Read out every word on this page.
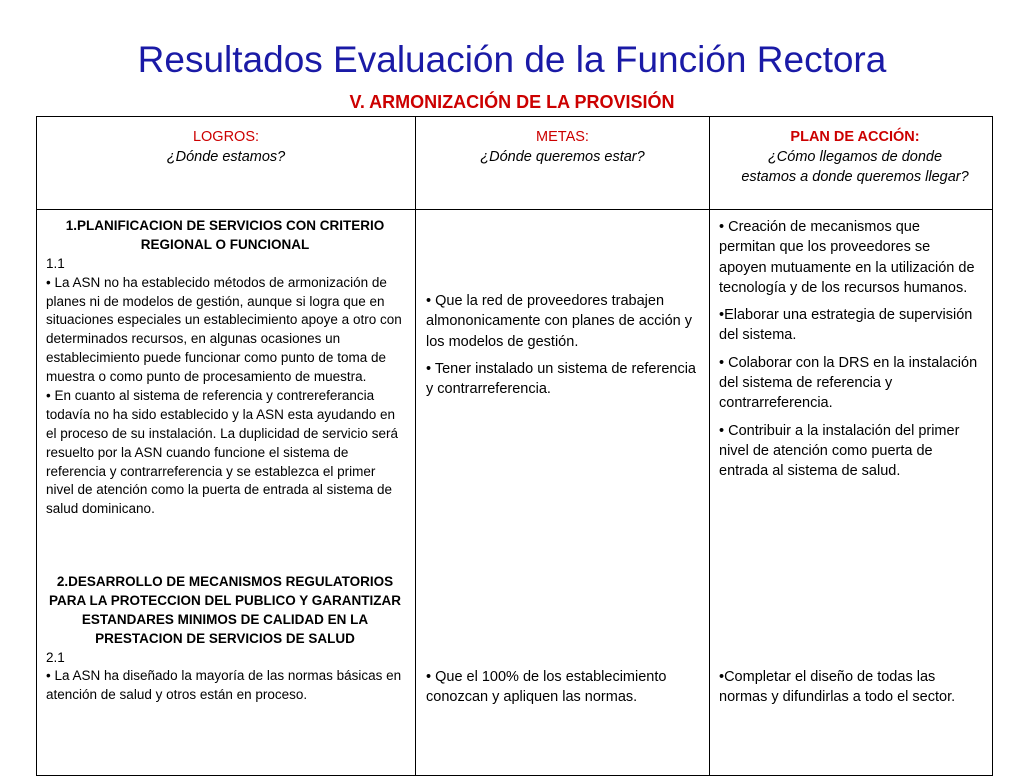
Resultados Evaluación de la Función Rectora
V. ARMONIZACIÓN DE LA PROVISIÓN
LOGROS:
¿Dónde estamos?
METAS:
¿Dónde queremos estar?
PLAN DE ACCIÓN:
¿Cómo llegamos de donde estamos a donde queremos llegar?

1.PLANIFICACION DE SERVICIOS CON CRITERIO REGIONAL O FUNCIONAL

1.1

• La ASN no ha establecido métodos de armonización de planes ni de modelos de gestión, aunque si logra que en situaciones especiales un establecimiento apoye a otro con determinados recursos, en algunas ocasiones un establecimiento puede funcionar como punto de toma de muestra o como punto de procesamiento de muestra.

• En cuanto al sistema de referencia y contrereferancia todavía no ha sido establecido y la ASN esta ayudando en el proceso de su instalación. La duplicidad de servicio será resuelto por la ASN cuando funcione el sistema de referencia y contrarreferencia y se establezca el primer nivel de atención como la puerta de entrada al sistema de salud dominicano.

2.DESARROLLO DE MECANISMOS REGULATORIOS PARA LA PROTECCION DEL PUBLICO Y GARANTIZAR ESTANDARES MINIMOS DE CALIDAD EN LA PRESTACION DE SERVICIOS DE SALUD

2.1

• La ASN ha diseñado la mayoría de las normas básicas en atención de salud y otros están en proceso.

• Que la red de proveedores trabajen almononicamente con planes de acción y los modelos de gestión.

• Tener instalado un sistema de referencia y contrarreferencia.

• Que el 100% de los establecimiento conozcan y apliquen las normas.

• Creación de mecanismos que permitan que los proveedores se apoyen mutuamente en la utilización de tecnología y de los recursos humanos.

•Elaborar una estrategia de supervisión del sistema.

• Colaborar con la DRS en la instalación del sistema de referencia y contrarreferencia.

• Contribuir a la instalación del primer nivel de atención como puerta de entrada al sistema de salud.

•Completar el diseño de todas las normas y difundirlas a todo el sector.
